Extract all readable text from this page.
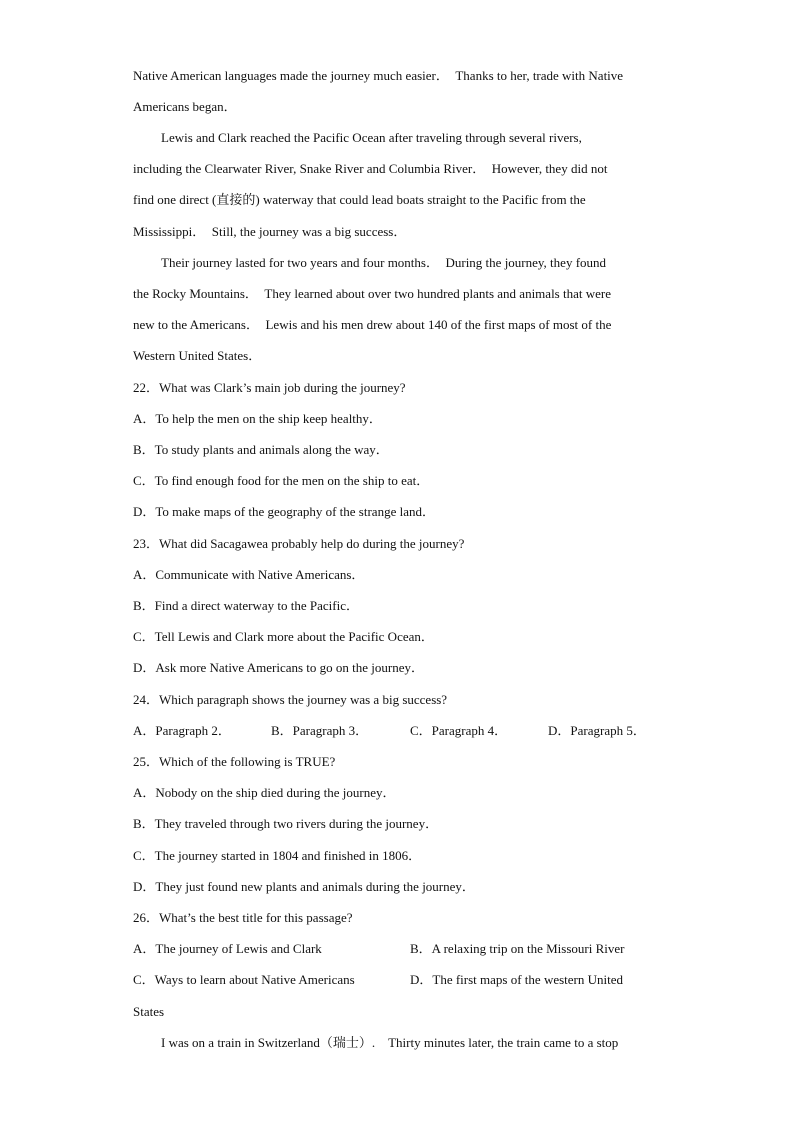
Native American languages made the journey much easier．　Thanks to her, trade with Native
Americans began．
Lewis and Clark reached the Pacific Ocean after traveling through several rivers,
including the Clearwater River, Snake River and Columbia River．　However, they did not
find one direct (直接的) waterway that could lead boats straight to the Pacific from the
Mississippi．　Still, the journey was a big success．
Their journey lasted for two years and four months．　During the journey, they found
the Rocky Mountains．　They learned about over two hundred plants and animals that were
new to the Americans．　Lewis and his men drew about 140 of the first maps of most of the
Western United States．
22．What was Clark’s main job during the journey?
A．To help the men on the ship keep healthy．
B．To study plants and animals along the way．
C．To find enough food for the men on the ship to eat．
D．To make maps of the geography of the strange land．
23．What did Sacagawea probably help do during the journey?
A．Communicate with Native Americans．
B．Find a direct waterway to the Pacific．
C．Tell Lewis and Clark more about the Pacific Ocean．
D．Ask more Native Americans to go on the journey．
24．Which paragraph shows the journey was a big success?
A．Paragraph 2．	B．Paragraph 3．	C．Paragraph 4．	D．Paragraph 5．
25．Which of the following is TRUE?
A．Nobody on the ship died during the journey．
B．They traveled through two rivers during the journey．
C．The journey started in 1804 and finished in 1806．
D．They just found new plants and animals during the journey．
26．What’s the best title for this passage?
A．The journey of Lewis and Clark	B．A relaxing trip on the Missouri River
C．Ways to learn about Native Americans	D．The first maps of the western United
States
I was on a train in Switzerland（瑞士）.　Thirty minutes later, the train came to a stop
